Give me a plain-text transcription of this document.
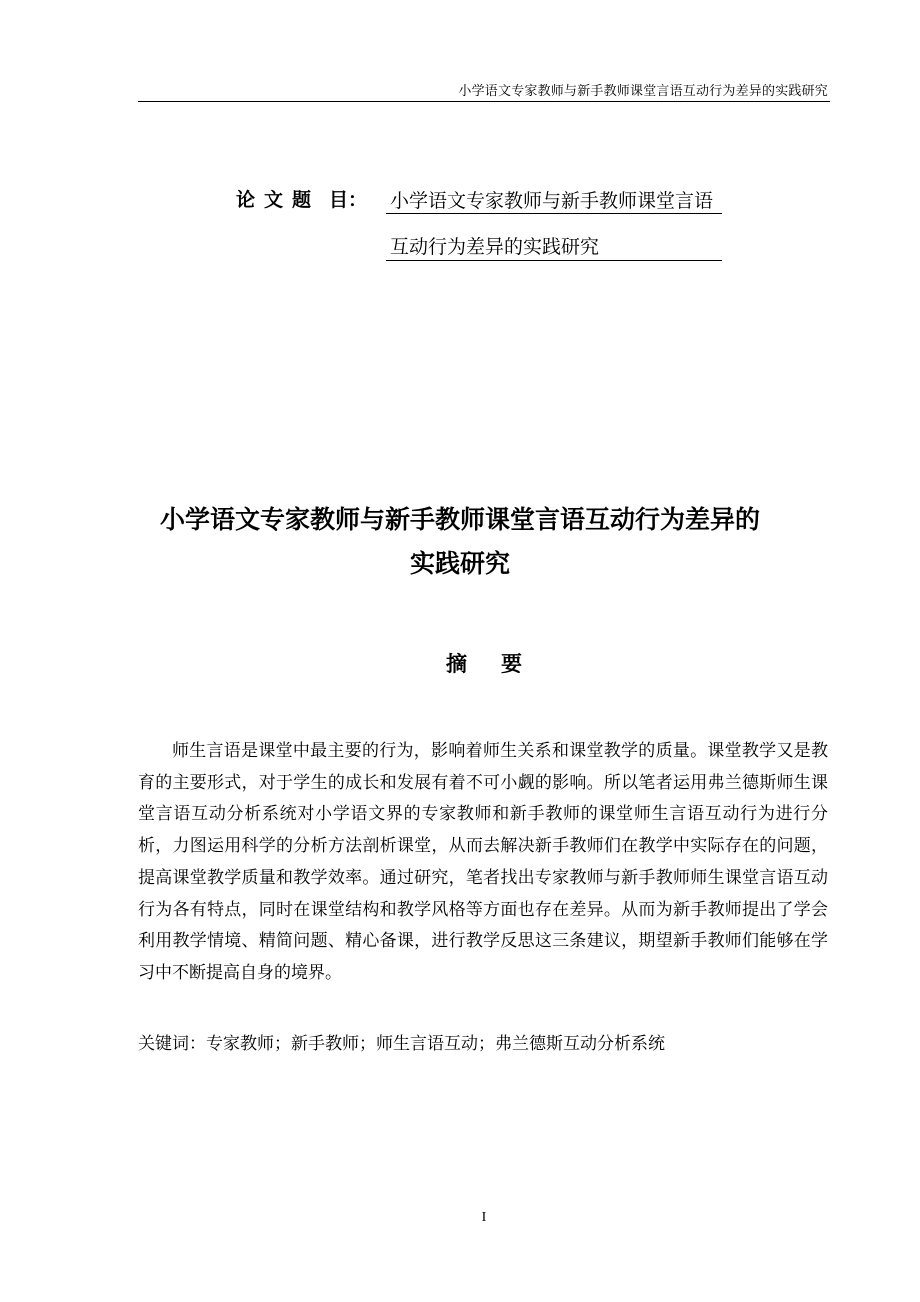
小学语文专家教师与新手教师课堂言语互动行为差异的实践研究
论 文 题 目： 小学语文专家教师与新手教师课堂言语
互动行为差异的实践研究
小学语文专家教师与新手教师课堂言语互动行为差异的
实践研究
摘 要

师生言语是课堂中最主要的行为，影响着师生关系和课堂教学的质量。课堂教学又是教育的主要形式，对于学生的成长和发展有着不可小觑的影响。所以笔者运用弗兰德斯师生课堂言语互动分析系统对小学语文界的专家教师和新手教师的课堂师生言语互动行为进行分析，力图运用科学的分析方法剖析课堂，从而去解决新手教师们在教学中实际存在的问题，提高课堂教学质量和教学效率。通过研究，笔者找出专家教师与新手教师师生课堂言语互动行为各有特点，同时在课堂结构和教学风格等方面也存在差异。从而为新手教师提出了学会利用教学情境、精简问题、精心备课，进行教学反思这三条建议，期望新手教师们能够在学习中不断提高自身的境界。

关键词：专家教师；新手教师；师生言语互动；弗兰德斯互动分析系统
I
